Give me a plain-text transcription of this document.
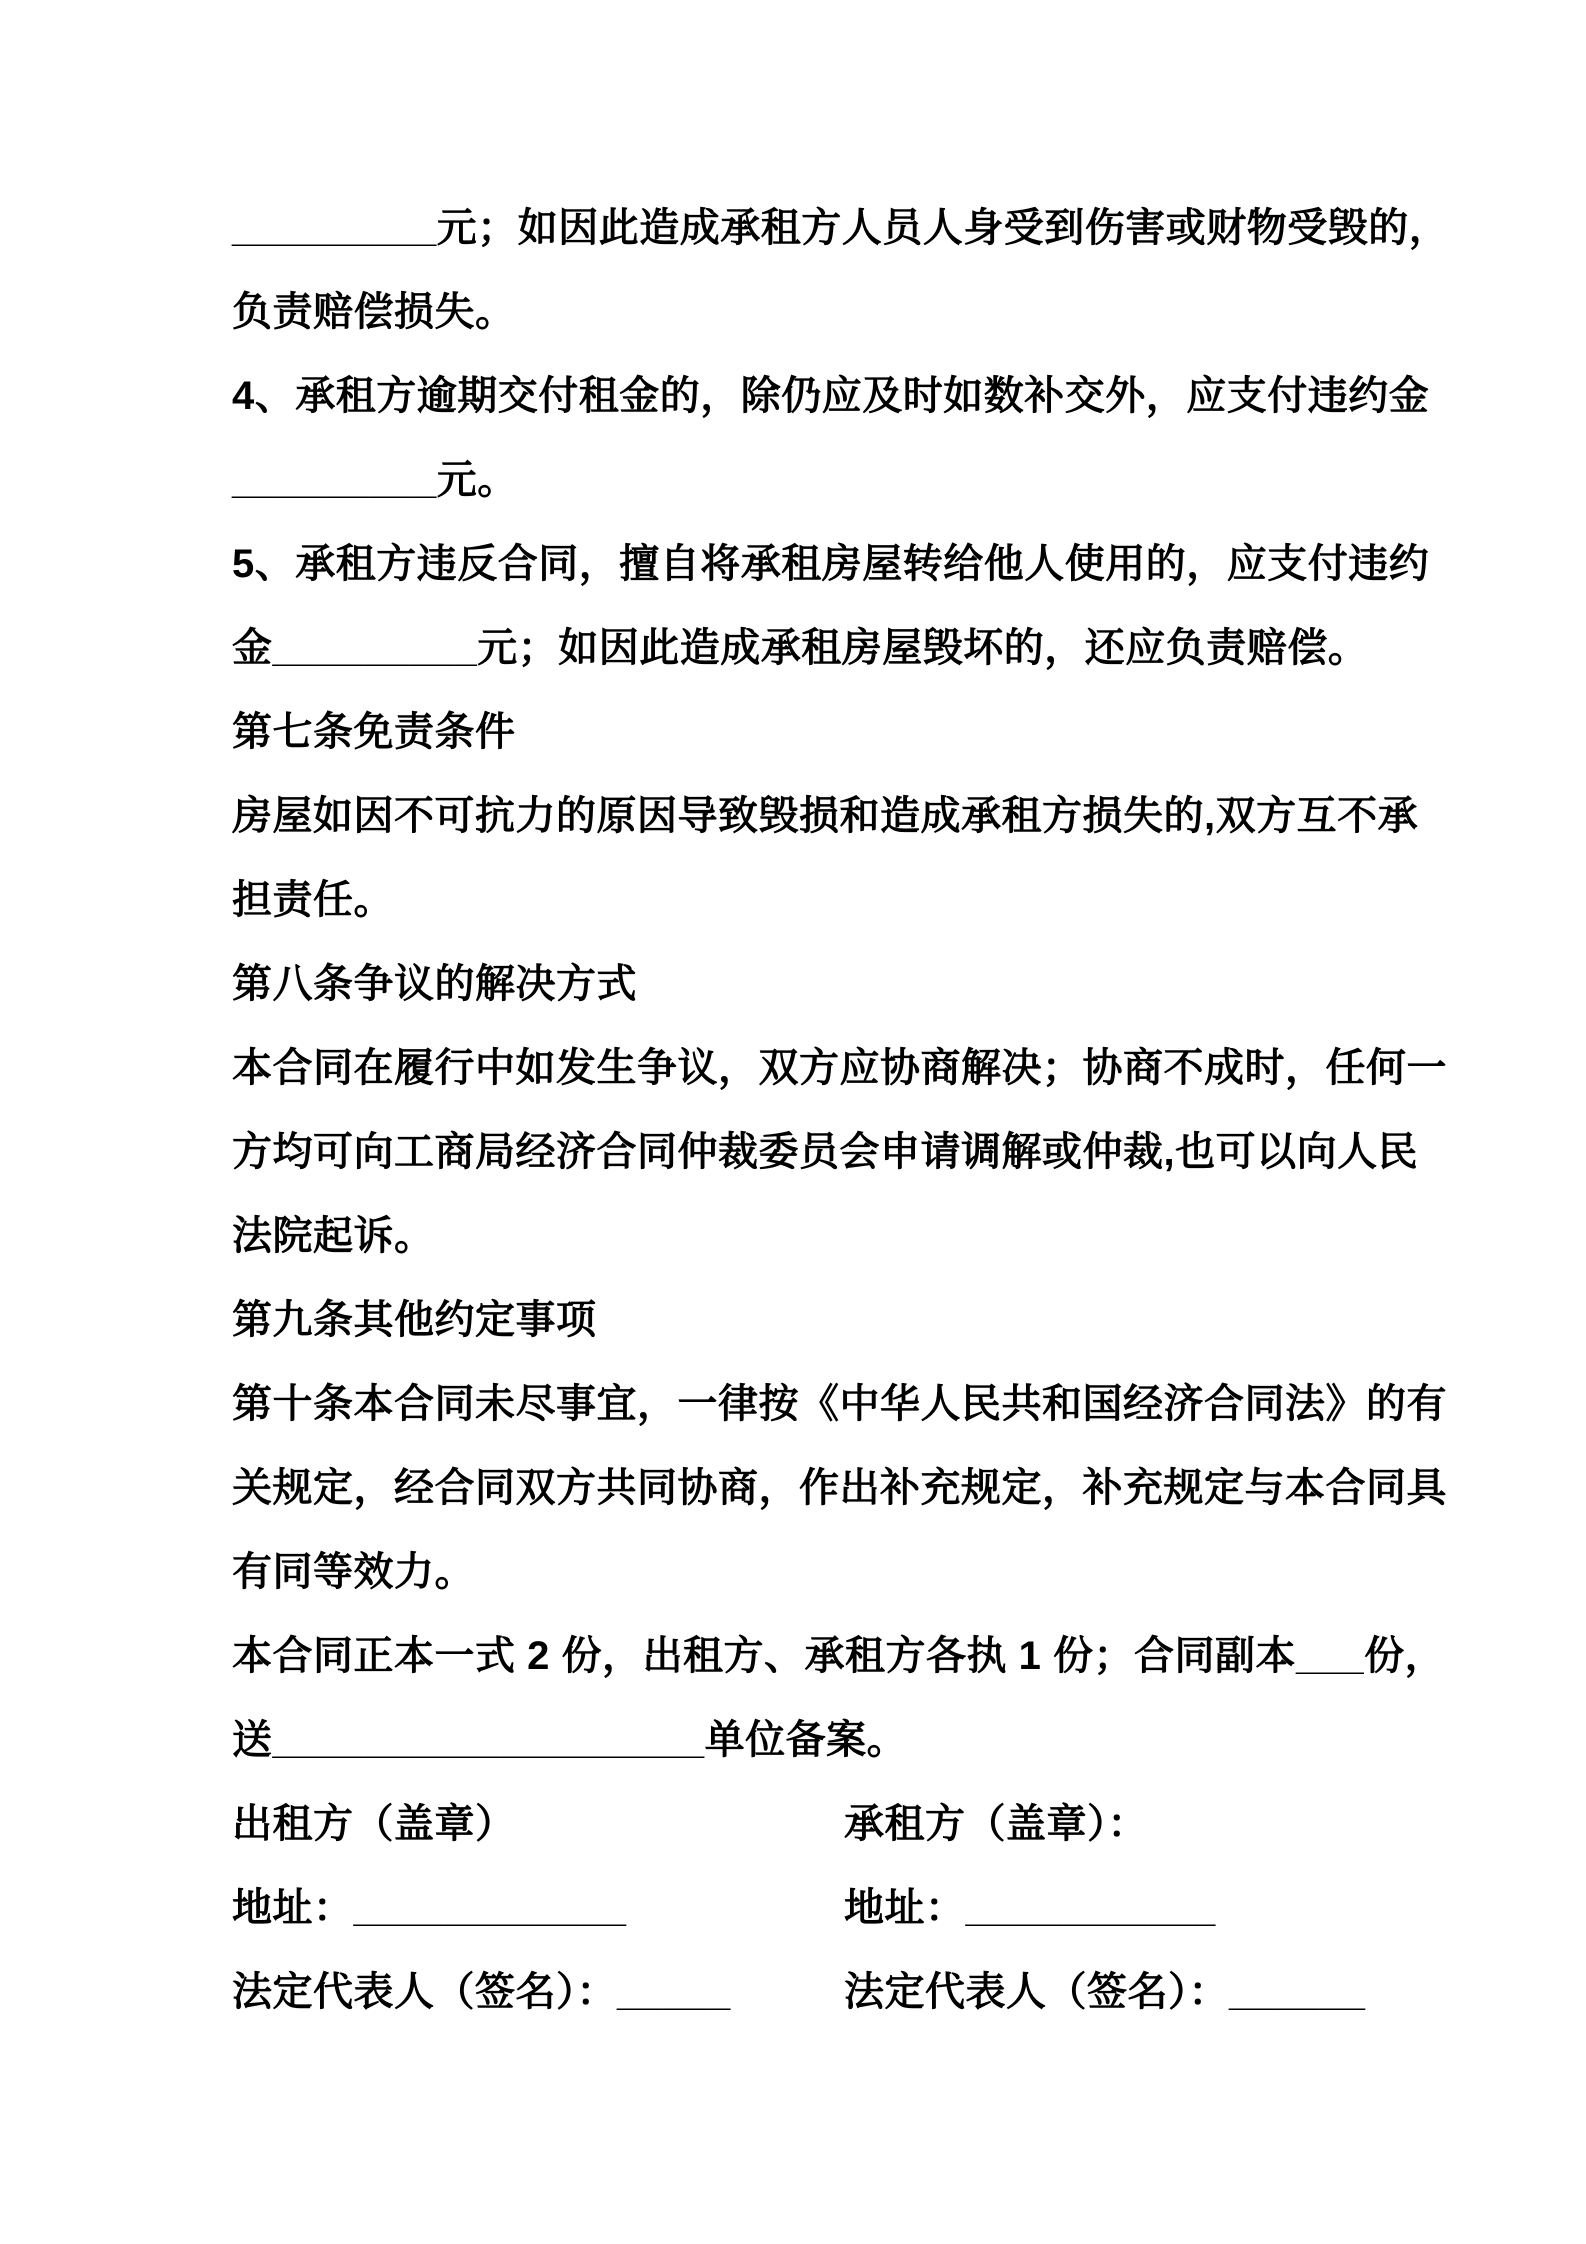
_________元；如因此造成承租方人员人身受到伤害或财物受毁的，
负责赔偿损失。
4、承租方逾期交付租金的，除仍应及时如数补交外，应支付违约金
_________元。
5、承租方违反合同，擅自将承租房屋转给他人使用的，应支付违约
金_________元；如因此造成承租房屋毁坏的，还应负责赔偿。
第七条免责条件
房屋如因不可抗力的原因导致毁损和造成承租方损失的,双方互不承
担责任。
第八条争议的解决方式
本合同在履行中如发生争议，双方应协商解决；协商不成时，任何一
方均可向工商局经济合同仲裁委员会申请调解或仲裁,也可以向人民
法院起诉。
第九条其他约定事项
第十条本合同未尽事宜，一律按《中华人民共和国经济合同法》的有
关规定，经合同双方共同协商，作出补充规定，补充规定与本合同具
有同等效力。
本合同正本一式 2 份，出租方、承租方各执 1 份；合同副本___份，
送___________________单位备案。
出租方（盖章）	承租方（盖章）：
地址：____________	地址：___________
法定代表人（签名）：_____	法定代表人（签名）：______
